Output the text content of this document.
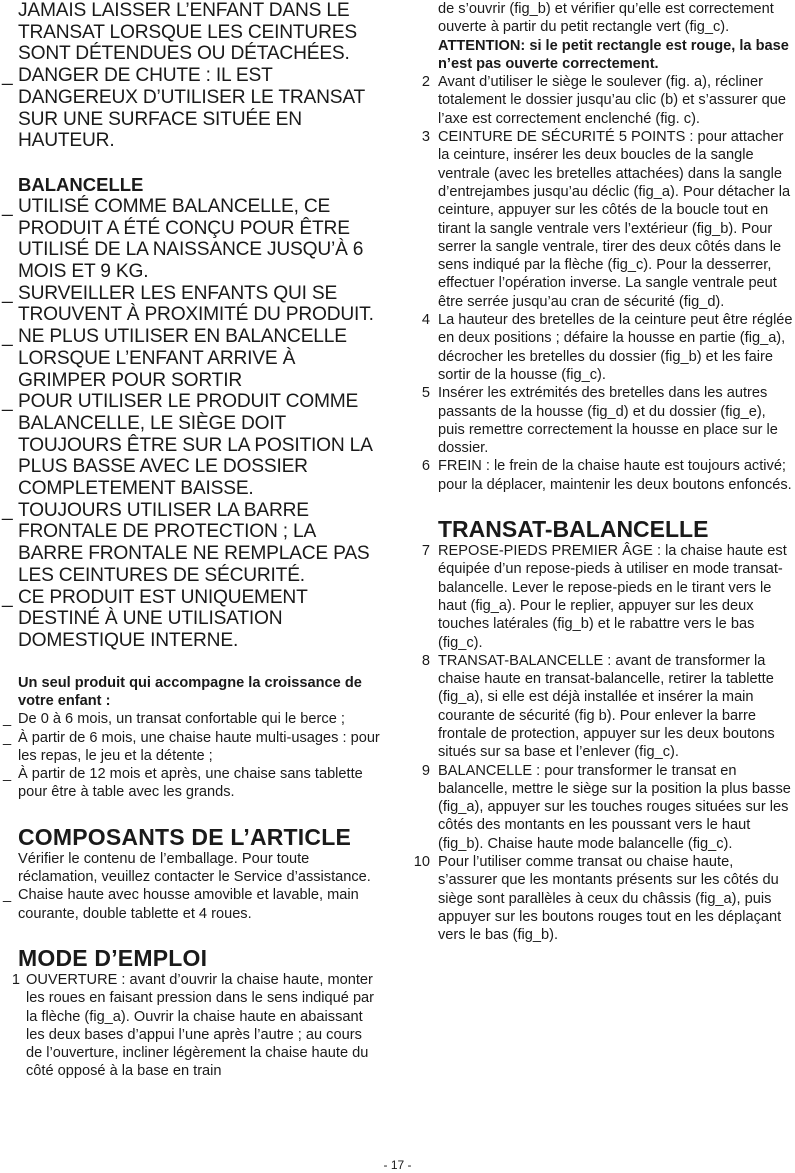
JAMAIS LAISSER L’ENFANT DANS LE TRANSAT LORSQUE LES CEINTURES SONT DÉTENDUES OU DÉTACHÉES.
_ DANGER DE CHUTE : IL EST DANGEREUX D’UTILISER LE TRANSAT SUR UNE SURFACE SITUÉE EN HAUTEUR.
BALANCELLE
_ UTILISÉ COMME BALANCELLE, CE PRODUIT A ÉTÉ CONÇU POUR ÊTRE UTILISÉ DE LA NAISSANCE JUSQU’À 6 MOIS ET 9 KG.
_ SURVEILLER LES ENFANTS QUI SE TROUVENT À PROXIMITÉ DU PRODUIT.
_ NE PLUS UTILISER EN BALANCELLE LORSQUE L’ENFANT ARRIVE À GRIMPER POUR SORTIR
_ POUR UTILISER LE PRODUIT COMME BALANCELLE, LE SIÈGE DOIT TOUJOURS ÊTRE SUR LA POSITION LA PLUS BASSE AVEC LE DOSSIER COMPLETEMENT BAISSE.
_ TOUJOURS UTILISER LA BARRE FRONTALE DE PROTECTION ; LA BARRE FRONTALE NE REMPLACE PAS LES CEINTURES DE SÉCURITÉ.
_ CE PRODUIT EST UNIQUEMENT DESTINÉ À UNE UTILISATION DOMESTIQUE INTERNE.
Un seul produit qui accompagne la croissance de votre enfant :
_ De 0 à 6 mois, un transat confortable qui le berce ;
_ À partir de 6 mois, une chaise haute multi-usages : pour les repas, le jeu et la détente ;
_ À partir de 12 mois et après, une chaise sans tablette pour être à table avec les grands.
COMPOSANTS DE L’ARTICLE
Vérifier le contenu de l’emballage. Pour toute réclamation, veuillez contacter le Service d’assistance.
_ Chaise haute avec housse amovible et lavable, main courante, double tablette et 4 roues.
MODE D’EMPLOI
1 OUVERTURE : avant d’ouvrir la chaise haute, monter les roues en faisant pression dans le sens indiqué par la flèche (fig_a). Ouvrir la chaise haute en abaissant les deux bases d’appui l’une après l’autre ; au cours de l’ouverture, incliner légèrement la chaise haute du côté opposé à la base en train
de s’ouvrir (fig_b) et vérifier qu’elle est correctement ouverte à partir du petit rectangle vert (fig_c). ATTENTION: si le petit rectangle est rouge, la base n’est pas ouverte correctement.
2 Avant d’utiliser le siège le soulever (fig. a), récliner totalement le dossier jusqu’au clic (b) et s’assurer que l’axe est correctement enclenché (fig. c).
3 CEINTURE DE SÉCURITÉ 5 POINTS : pour attacher la ceinture, insérer les deux boucles de la sangle ventrale (avec les bretelles attachées) dans la sangle d’entrejambes jusqu’au déclic (fig_a). Pour détacher la ceinture, appuyer sur les côtés de la boucle tout en tirant la sangle ventrale vers l’extérieur (fig_b). Pour serrer la sangle ventrale, tirer des deux côtés dans le sens indiqué par la flèche (fig_c). Pour la desserrer, effectuer l’opération inverse. La sangle ventrale peut être serrée jusqu’au cran de sécurité (fig_d).
4 La hauteur des bretelles de la ceinture peut être réglée en deux positions ; défaire la housse en partie (fig_a), décrocher les bretelles du dossier (fig_b) et les faire sortir de la housse (fig_c).
5 Insérer les extrémités des bretelles dans les autres passants de la housse (fig_d) et du dossier (fig_e), puis remettre correctement la housse en place sur le dossier.
6 FREIN : le frein de la chaise haute est toujours activé; pour la déplacer, maintenir les deux boutons enfoncés.
TRANSAT-BALANCELLE
7 REPOSE-PIEDS PREMIER ÂGE : la chaise haute est équipée d’un repose-pieds à utiliser en mode transat-balancelle. Lever le repose-pieds en le tirant vers le haut (fig_a). Pour le replier, appuyer sur les deux touches latérales (fig_b) et le rabattre vers le bas (fig_c).
8 TRANSAT-BALANCELLE : avant de transformer la chaise haute en transat-balancelle, retirer la tablette (fig_a), si elle est déjà installée et insérer la main courante de sécurité (fig b). Pour enlever la barre frontale de protection, appuyer sur les deux boutons situés sur sa base et l’enlever (fig_c).
9 BALANCELLE : pour transformer le transat en balancelle, mettre le siège sur la position la plus basse (fig_a), appuyer sur les touches rouges situées sur les côtés des montants en les poussant vers le haut (fig_b). Chaise haute mode balancelle (fig_c).
10 Pour l’utiliser comme transat ou chaise haute, s’assurer que les montants présents sur les côtés du siège sont parallèles à ceux du châssis (fig_a), puis appuyer sur les boutons rouges tout en les déplaçant vers le bas (fig_b).
- 17 -
